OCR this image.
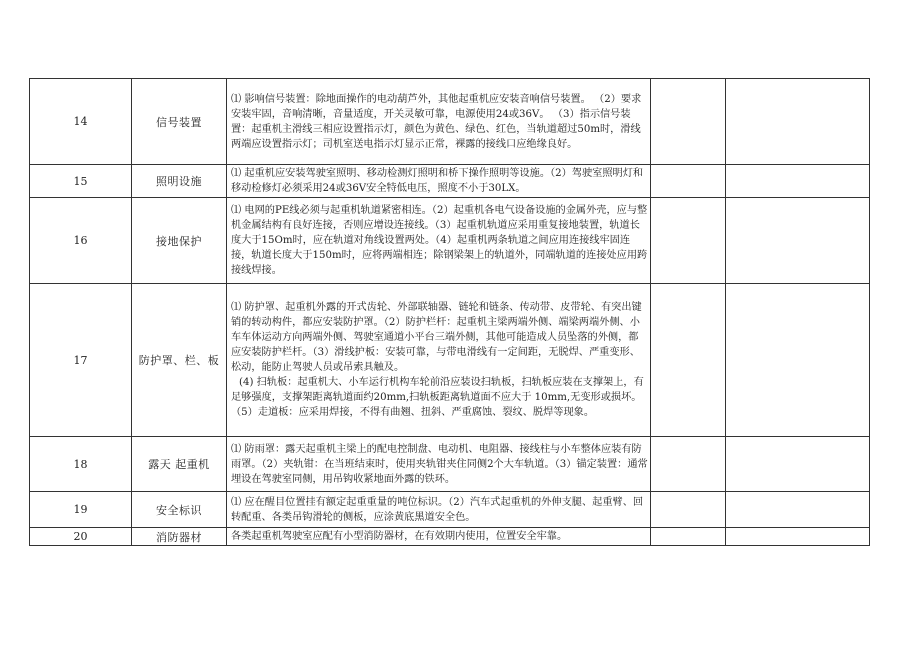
14	信号装置	⑴ 影响信号装置：除地面操作的电动葫芦外，其他起重机应安装音响信号装置。 （2）要求安装牢固，音响清晰，音量适度，开关灵敏可靠，电源使用24或36V。 （3）指示信号装置：起重机主滑线三相应设置指示灯，颜色为黄色、绿色、红色，当轨道超过50m时，滑线两端应设置指示灯；司机室送电指示灯显示正常，裸露的接线口应绝缘良好。		
15	照明设施	⑴ 起重机应安装驾驶室照明、移动检测灯照明和桥下操作照明等设施。（2）驾驶室照明灯和移动检修灯必须采用24或36V安全特低电压，照度不小于30LX。		
16	接地保护	⑴ 电网的PE线必须与起重机轨道紧密相连。（2）起重机各电气设备设施的金属外壳，应与整机金属结构有良好连接，否则应增设连接线。（3）起重机轨道应采用重复接地装置，轨道长度大于15Om时，应在轨道对角线设置两处。（4）起重机两条轨道之间应用连接线牢固连接，轨道长度大于150m时，应将两端相连；除钢梁架上的轨道外，同端轨道的连接处应用跨接线焊接。		
17	防护罩、栏、板	⑴ 防护罩、起重机外露的开式齿轮、外部联轴器、链轮和链条、传动带、皮带轮、有突出键销的转动构件，都应安装防护罩。（2）防护栏杆：起重机主梁两端外侧、端梁两端外侧、小车车体运动方向两端外侧、驾驶室通道小平台三端外侧，其他可能造成人员坠落的外侧，都应安装防护栏杆。（3）滑线护板：安装可靠，与带电滑线有一定间距，无脱焊、严重变形、松动，能防止驾驶人员或吊索具触及。
(4) 扫轨板：起重机大、小车运行机构车轮前沿应装设扫轨板，扫轨板应装在支撑架上，有足够强度，支撑架距离轨道面约20mm,扫轨板距离轨道面不应大于 10mm,无变形或损坏。（5）走道板：应采用焊接，不得有曲翘、扭斜、严重腐蚀、裂纹、脱焊等现象。		

18	露天 起重机	⑴ 防雨罩：露天起重机主梁上的配电控制盘、电动机、电阻器、接线柱与小车整体应装有防雨罩。（2）夹轨钳：在当班结束时，使用夹轨钳夹住同侧2个大车轨道。（3）锚定装置：通常埋设在驾驶室同侧，用吊钩收紧地面外露的铁环。		
19	安全标识	⑴ 应在醒目位置挂有额定起重重量的吨位标识。（2）汽车式起重机的外伸支腿、起重臂、回转配重、各类吊钩滑轮的侧板，应涂黄底黑道安全色。		
20	消防器材	各类起重机驾驶室应配有小型消防器材，在有效期内使用，位置安全牢靠。		
